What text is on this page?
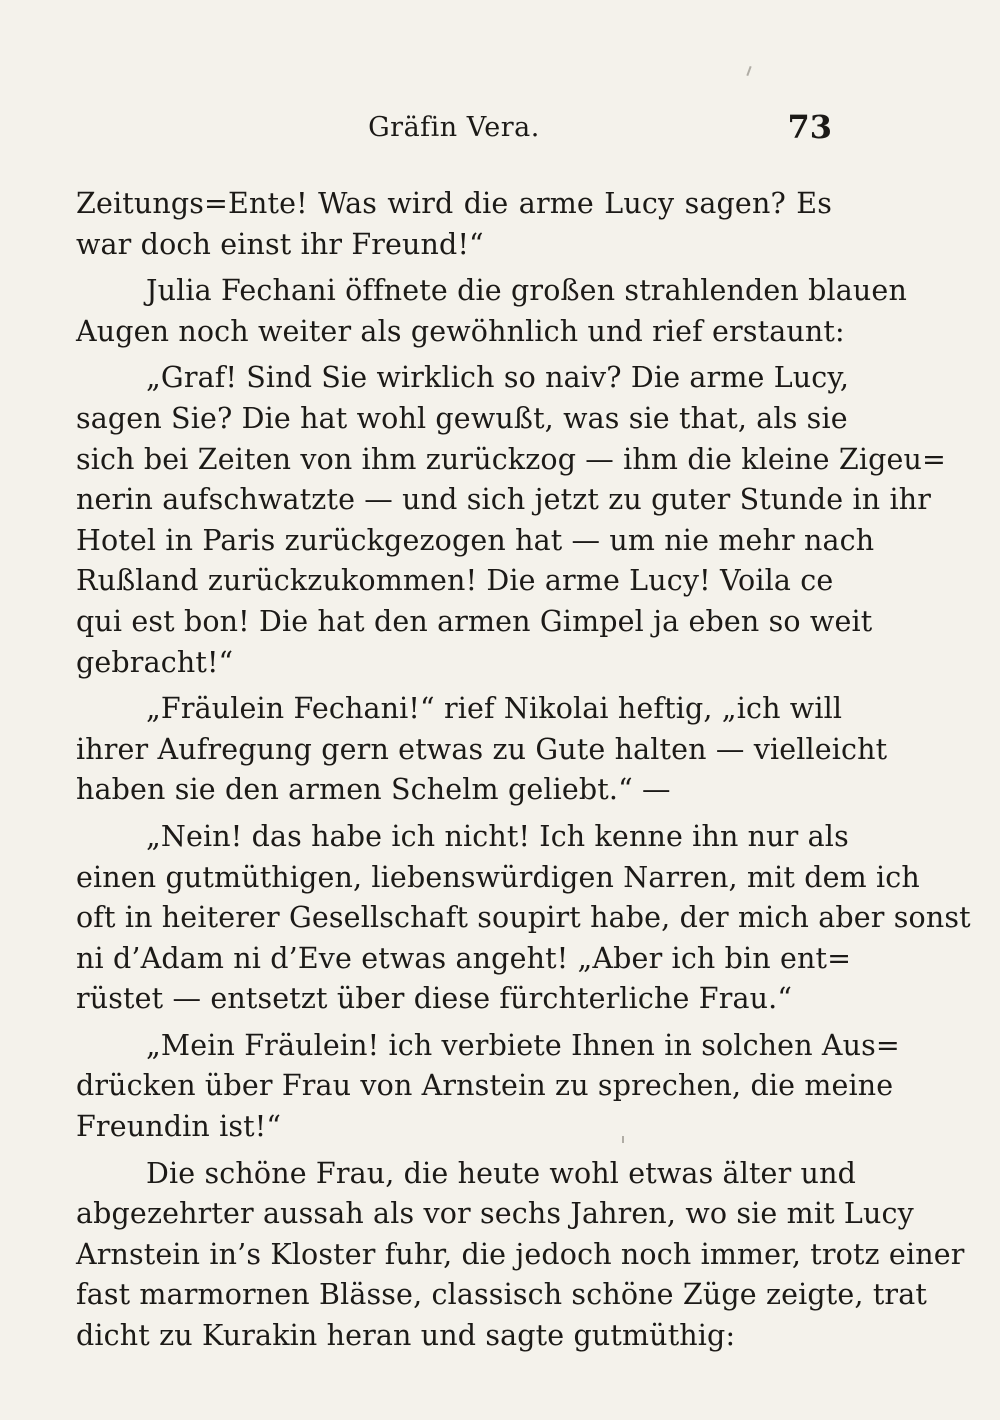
Gräfin Vera.	73
Zeitungs=Ente! Was wird die arme Lucy sagen? Es
war doch einst ihr Freund!“
Julia Fechani öffnete die großen strahlenden blauen
Augen noch weiter als gewöhnlich und rief erstaunt:
„Graf! Sind Sie wirklich so naiv? Die arme Lucy,
sagen Sie? Die hat wohl gewußt, was sie that, als sie
sich bei Zeiten von ihm zurückzog — ihm die kleine Zigeu=
nerin aufschwatzte — und sich jetzt zu guter Stunde in ihr
Hotel in Paris zurückgezogen hat — um nie mehr nach
Rußland zurückzukommen! Die arme Lucy! Voila ce
qui est bon! Die hat den armen Gimpel ja eben so weit
gebracht!“
„Fräulein Fechani!“ rief Nikolai heftig, „ich will
ihrer Aufregung gern etwas zu Gute halten — vielleicht
haben sie den armen Schelm geliebt.“ —
„Nein! das habe ich nicht! Ich kenne ihn nur als
einen gutmüthigen, liebenswürdigen Narren, mit dem ich
oft in heiterer Gesellschaft soupirt habe, der mich aber sonst
ni d’Adam ni d’Eve etwas angeht! „Aber ich bin ent=
rüstet — entsetzt über diese fürchterliche Frau.“
„Mein Fräulein! ich verbiete Ihnen in solchen Aus=
drücken über Frau von Arnstein zu sprechen, die meine
Freundin ist!“
Die schöne Frau, die heute wohl etwas älter und
abgezehrter aussah als vor sechs Jahren, wo sie mit Lucy
Arnstein in’s Kloster fuhr, die jedoch noch immer, trotz einer
fast marmornen Blässe, classisch schöne Züge zeigte, trat
dicht zu Kurakin heran und sagte gutmüthig:
